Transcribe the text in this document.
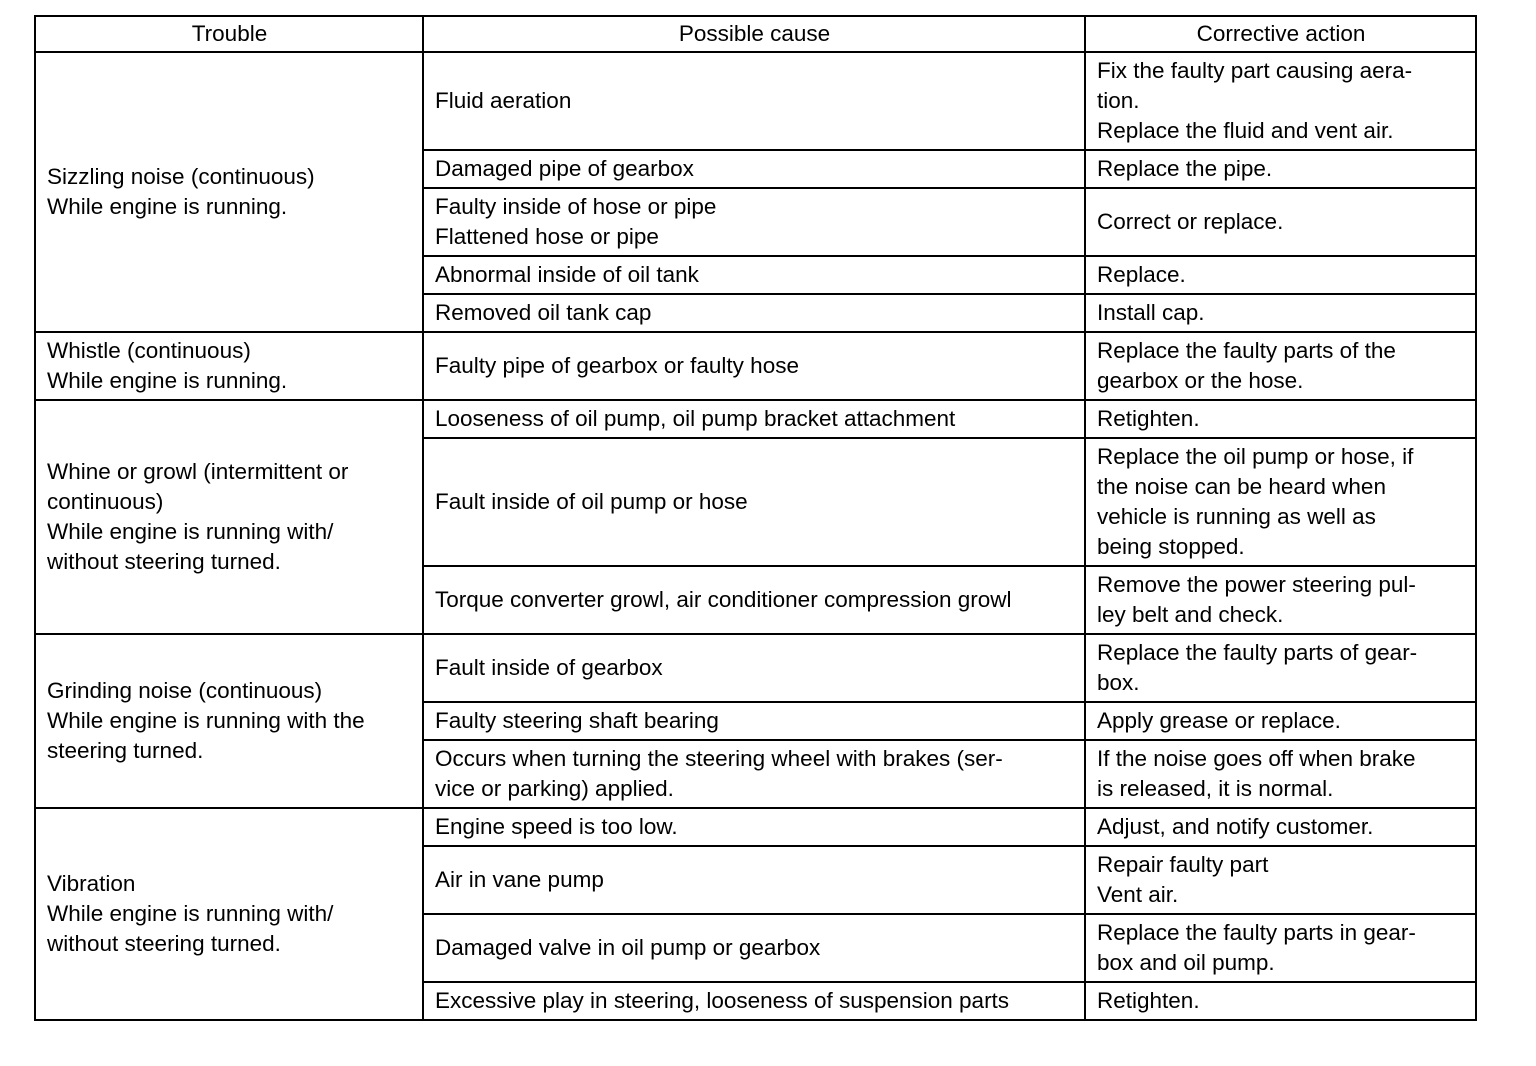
Trouble	Possible cause	Corrective action
Sizzling noise (continuous)
While engine is running.	Fluid aeration	Fix the faulty part causing aera-
tion.
Replace the fluid and vent air.
	Damaged pipe of gearbox	Replace the pipe.
	Faulty inside of hose or pipe
Flattened hose or pipe	Correct or replace.
	Abnormal inside of oil tank	Replace.
	Removed oil tank cap	Install cap.
Whistle (continuous)
While engine is running.	Faulty pipe of gearbox or faulty hose	Replace the faulty parts of the
gearbox or the hose.
Whine or growl (intermittent or
continuous)
While engine is running with/
without steering turned.	Looseness of oil pump, oil pump bracket attachment	Retighten.
	Fault inside of oil pump or hose	Replace the oil pump or hose, if
the noise can be heard when
vehicle is running as well as
being stopped.
	Torque converter growl, air conditioner compression growl	Remove the power steering pul-
ley belt and check.
Grinding noise (continuous)
While engine is running with the
steering turned.	Fault inside of gearbox	Replace the faulty parts of gear-
box.
	Faulty steering shaft bearing	Apply grease or replace.
	Occurs when turning the steering wheel with brakes (ser-
vice or parking) applied.	If the noise goes off when brake
is released, it is normal.
Vibration
While engine is running with/
without steering turned.	Engine speed is too low.	Adjust, and notify customer.
	Air in vane pump	Repair faulty part
Vent air.
	Damaged valve in oil pump or gearbox	Replace the faulty parts in gear-
box and oil pump.
	Excessive play in steering, looseness of suspension parts	Retighten.
